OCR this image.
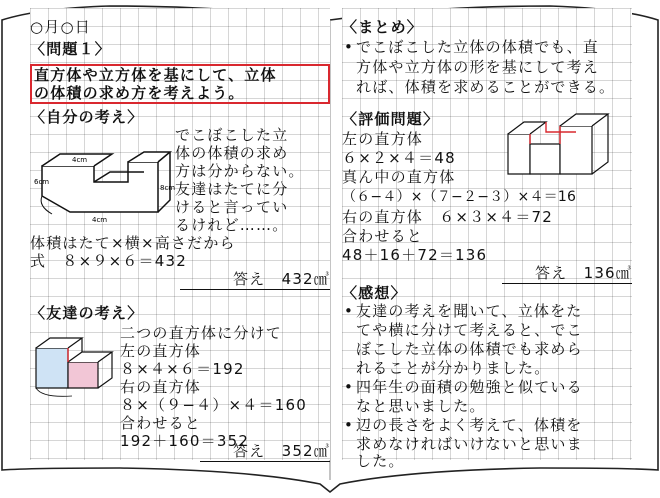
○月○日
〈問題１〉
直方体や立方体を基にして、立体
の体積の求め方を考えよう。
〈自分の考え〉
4cm
6cm
8cm
4cm
でこぼこした立
体の体積の求め
方は分からない。
友達はたてに分
けると言ってい
るけれど……。
体積はたて×横×高さだから
式　８×９×６＝432
答え　432㎤
〈友達の考え〉
二つの直方体に分けて
左の直方体
８×４×６＝192
右の直方体
８×（９−４）×４＝160
合わせると
192＋160＝352
答え　352㎤
〈まとめ〉
• でこぼこした立体の体積でも、直
方体や立方体の形を基にして考え
れば、体積を求めることができる。
〈評価問題〉
左の直方体
６×２×４＝48
真ん中の直方体
（６−４）×（７−２−３）×４＝16
右の直方体　６×３×４＝72
合わせると
48＋16＋72＝136
答え　136㎤
〈感想〉
• 友達の考えを聞いて、立体をた
てや横に分けて考えると、でこ
ぼこした立体の体積でも求めら
れることが分かりました。
• 四年生の面積の勉強と似ている
なと思いました。
• 辺の長さをよく考えて、体積を
求めなければいけないと思いま
した。
